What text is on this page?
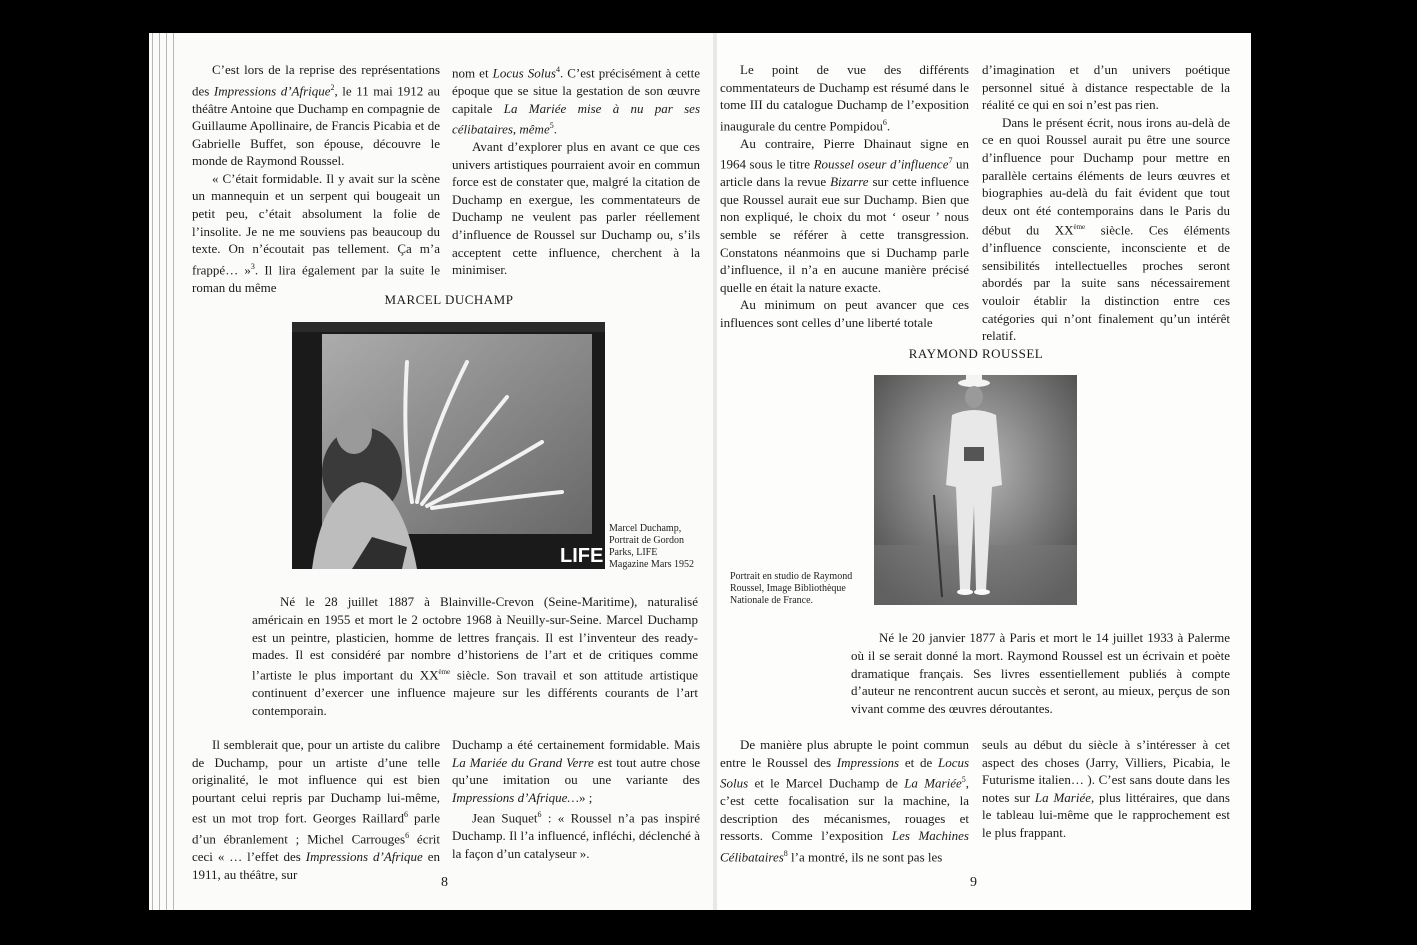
C’est lors de la reprise des représentations des Impressions d’Afrique$^2$, le 11 mai 1912 au théâtre Antoine que Duchamp en compagnie de Guillaume Apollinaire, de Francis Picabia et de Gabrielle Buffet, son épouse, découvre le monde de Raymond Roussel.

« C’était formidable. Il y avait sur la scène un mannequin et un serpent qui bougeait un petit peu, c’était absolument la folie de l’insolite. Je ne me souviens pas beaucoup du texte. On n’écoutait pas tellement. Ça m’a frappé… »$^3$. Il lira également par la suite le roman du même

nom et Locus Solus$^4$. C’est précisément à cette époque que se situe la gestation de son œuvre capitale La Mariée mise à nu par ses célibataires, même$^5$.

Avant d’explorer plus en avant ce que ces univers artistiques pourraient avoir en commun force est de constater que, malgré la citation de Duchamp en exergue, les commentateurs de Duchamp ne veulent pas parler réellement d’influence de Roussel sur Duchamp ou, s’ils acceptent cette influence, cherchent à la minimiser.

MARCEL DUCHAMP
LIFE
Marcel Duchamp,
Portrait de Gordon
Parks, LIFE
Magazine Mars 1952

Né le 28 juillet 1887 à Blainville-Crevon (Seine-Maritime), naturalisé américain en 1955 et mort le 2 octobre 1968 à Neuilly-sur-Seine. Marcel Duchamp est un peintre, plasticien, homme de lettres français. Il est l’inventeur des ready-mades. Il est considéré par nombre d’historiens de l’art et de critiques comme l’artiste le plus important du XXème siècle. Son travail et son attitude artistique continuent d’exercer une influence majeure sur les différents courants de l’art contemporain.

Il semblerait que, pour un artiste du calibre de Duchamp, pour un artiste d’une telle originalité, le mot influence qui est bien pourtant celui repris par Duchamp lui-même, est un mot trop fort. Georges Raillard$^6$ parle d’un ébranlement ; Michel Carrouges$^6$ écrit ceci « … l’effet des Impressions d’Afrique en 1911, au théâtre, sur

Duchamp a été certainement formidable. Mais La Mariée du Grand Verre est tout autre chose qu’une imitation ou une variante des Impressions d’Afrique…» ;

Jean Suquet$^6$ : « Roussel n’a pas inspiré Duchamp. Il l’a influencé, infléchi, déclenché à la façon d’un catalyseur ».

8

Le point de vue des différents commentateurs de Duchamp est résumé dans le tome III du catalogue Duchamp de l’exposition inaugurale du centre Pompidou$^6$.

Au contraire, Pierre Dhainaut signe en 1964 sous le titre Roussel oseur d’influence$^7$ un article dans la revue Bizarre sur cette influence que Roussel aurait eue sur Duchamp. Bien que non expliqué, le choix du mot ‘ oseur ’ nous semble se référer à cette transgression. Constatons néanmoins que si Duchamp parle d’influence, il n’a en aucune manière précisé quelle en était la nature exacte.

Au minimum on peut avancer que ces influences sont celles d’une liberté totale

d’imagination et d’un univers poétique personnel situé à distance respectable de la réalité ce qui en soi n’est pas rien.

Dans le présent écrit, nous irons au-delà de ce en quoi Roussel aurait pu être une source d’influence pour Duchamp pour mettre en parallèle certains éléments de leurs œuvres et biographies au-delà du fait évident que tout deux ont été contemporains dans le Paris du début du XXème siècle. Ces éléments d’influence consciente, inconsciente et de sensibilités intellectuelles proches seront abordés par la suite sans nécessairement vouloir établir la distinction entre ces catégories qui n’ont finalement qu’un intérêt relatif.

RAYMOND ROUSSEL
Portrait en studio de Raymond
Roussel, Image Bibliothèque
Nationale de France.

Né le 20 janvier 1877 à Paris et mort le 14 juillet 1933 à Palerme où il se serait donné la mort. Raymond Roussel est un écrivain et poète dramatique français. Ses livres essentiellement publiés à compte d’auteur ne rencontrent aucun succès et seront, au mieux, perçus de son vivant comme des œuvres déroutantes.

De manière plus abrupte le point commun entre le Roussel des Impressions et de Locus Solus et le Marcel Duchamp de La Mariée$^5$, c’est cette focalisation sur la machine, la description des mécanismes, rouages et ressorts. Comme l’exposition Les Machines Célibataires$^8$ l’a montré, ils ne sont pas les

seuls au début du siècle à s’intéresser à cet aspect des choses (Jarry, Villiers, Picabia, le Futurisme italien… ). C’est sans doute dans les notes sur La Mariée, plus littéraires, que dans le tableau lui-même que le rapprochement est le plus frappant.

9
